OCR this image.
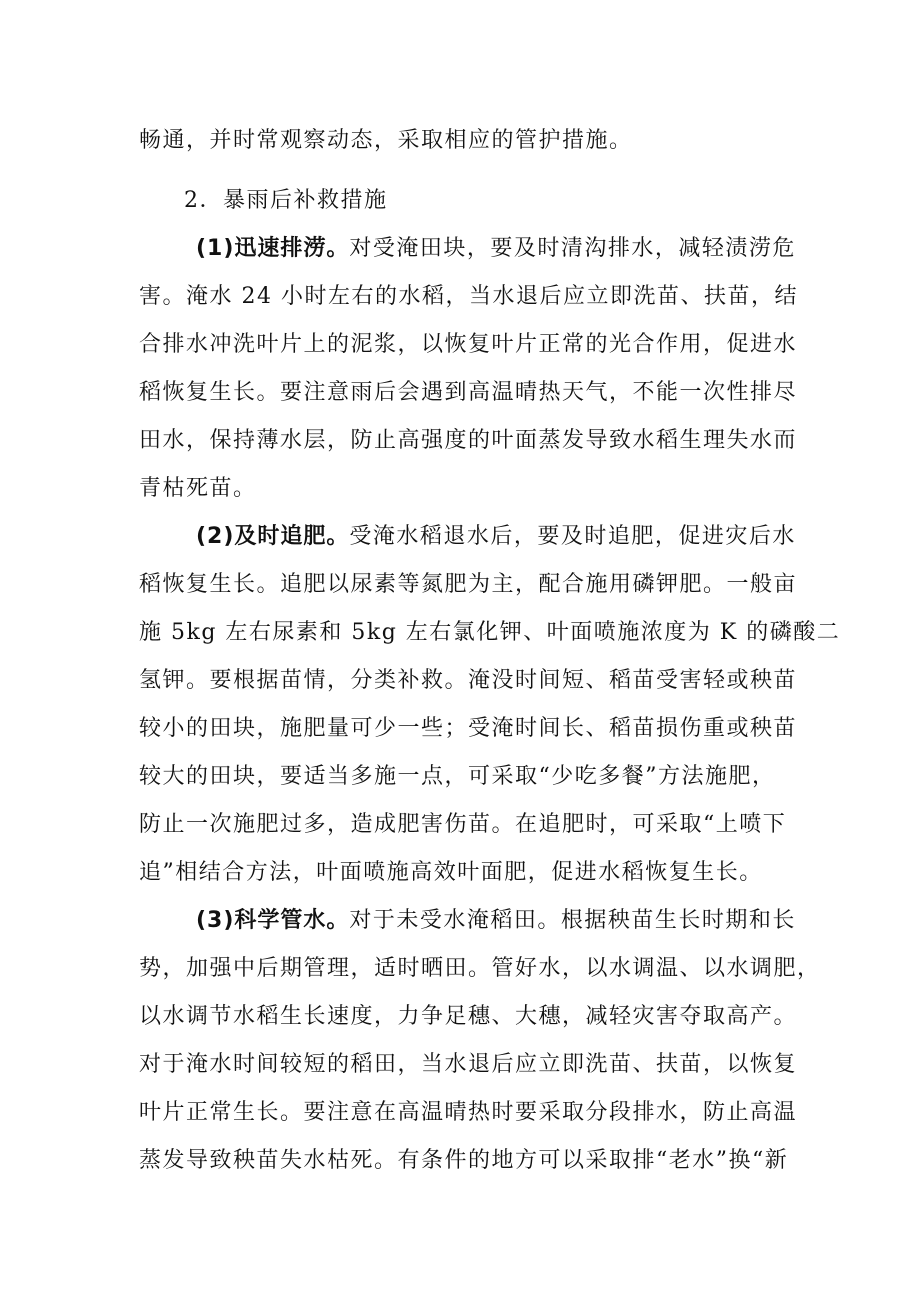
畅通，并时常观察动态，采取相应的管护措施。
2．暴雨后补救措施
(1)迅速排涝。对受淹田块，要及时清沟排水，减轻渍涝危
害。淹水 24 小时左右的水稻，当水退后应立即洗苗、扶苗，结
合排水冲洗叶片上的泥浆，以恢复叶片正常的光合作用，促进水
稻恢复生长。要注意雨后会遇到高温晴热天气，不能一次性排尽
田水，保持薄水层，防止高强度的叶面蒸发导致水稻生理失水而
青枯死苗。
(2)及时追肥。受淹水稻退水后，要及时追肥，促进灾后水
稻恢复生长。追肥以尿素等氮肥为主，配合施用磷钾肥。一般亩
施 5kg 左右尿素和 5kg 左右氯化钾、叶面喷施浓度为 K 的磷酸二
氢钾。要根据苗情，分类补救。淹没时间短、稻苗受害轻或秧苗
较小的田块，施肥量可少一些；受淹时间长、稻苗损伤重或秧苗
较大的田块，要适当多施一点，可采取“少吃多餐”方法施肥，
防止一次施肥过多，造成肥害伤苗。在追肥时，可采取“上喷下
追”相结合方法，叶面喷施高效叶面肥，促进水稻恢复生长。
(3)科学管水。对于未受水淹稻田。根据秧苗生长时期和长
势，加强中后期管理，适时晒田。管好水，以水调温、以水调肥，
以水调节水稻生长速度，力争足穗、大穗，减轻灾害夺取高产。
对于淹水时间较短的稻田，当水退后应立即洗苗、扶苗，以恢复
叶片正常生长。要注意在高温晴热时要采取分段排水，防止高温
蒸发导致秧苗失水枯死。有条件的地方可以采取排“老水”换“新
